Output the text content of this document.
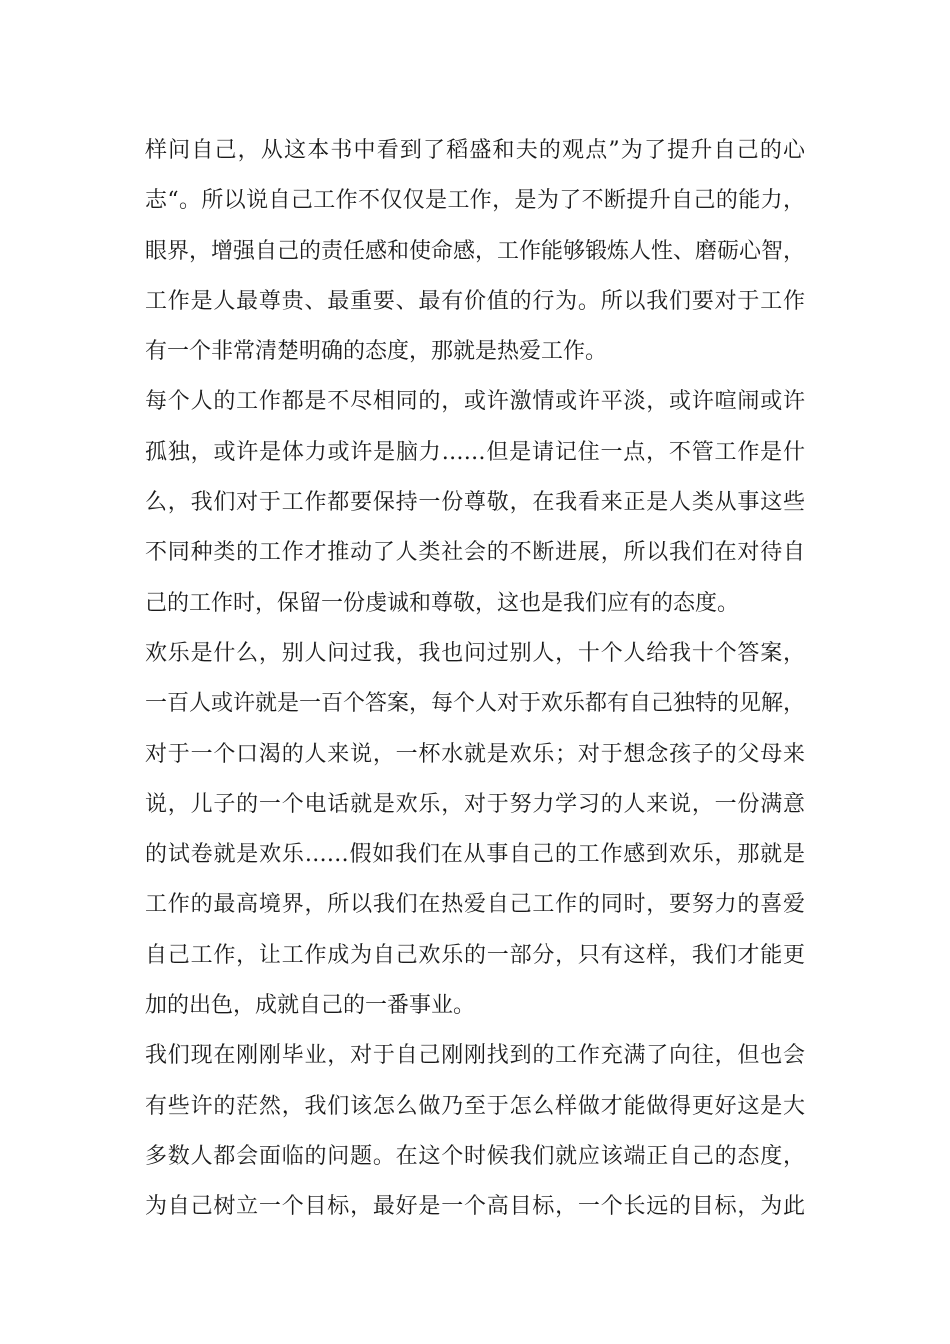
样问自己，从这本书中看到了稻盛和夫的观点”为了提升自己的心
志“。所以说自己工作不仅仅是工作，是为了不断提升自己的能力，
眼界，增强自己的责任感和使命感，工作能够锻炼人性、磨砺心智，
工作是人最尊贵、最重要、最有价值的行为。所以我们要对于工作
有一个非常清楚明确的态度，那就是热爱工作。
每个人的工作都是不尽相同的，或许激情或许平淡，或许喧闹或许
孤独，或许是体力或许是脑力……但是请记住一点，不管工作是什
么，我们对于工作都要保持一份尊敬，在我看来正是人类从事这些
不同种类的工作才推动了人类社会的不断进展，所以我们在对待自
己的工作时，保留一份虔诚和尊敬，这也是我们应有的态度。
欢乐是什么，别人问过我，我也问过别人，十个人给我十个答案，
一百人或许就是一百个答案，每个人对于欢乐都有自己独特的见解，
对于一个口渴的人来说，一杯水就是欢乐；对于想念孩子的父母来
说，儿子的一个电话就是欢乐，对于努力学习的人来说，一份满意
的试卷就是欢乐……假如我们在从事自己的工作感到欢乐，那就是
工作的最高境界，所以我们在热爱自己工作的同时，要努力的喜爱
自己工作，让工作成为自己欢乐的一部分，只有这样，我们才能更
加的出色，成就自己的一番事业。
我们现在刚刚毕业，对于自己刚刚找到的工作充满了向往，但也会
有些许的茫然，我们该怎么做乃至于怎么样做才能做得更好这是大
多数人都会面临的问题。在这个时候我们就应该端正自己的态度，
为自己树立一个目标，最好是一个高目标，一个长远的目标，为此
